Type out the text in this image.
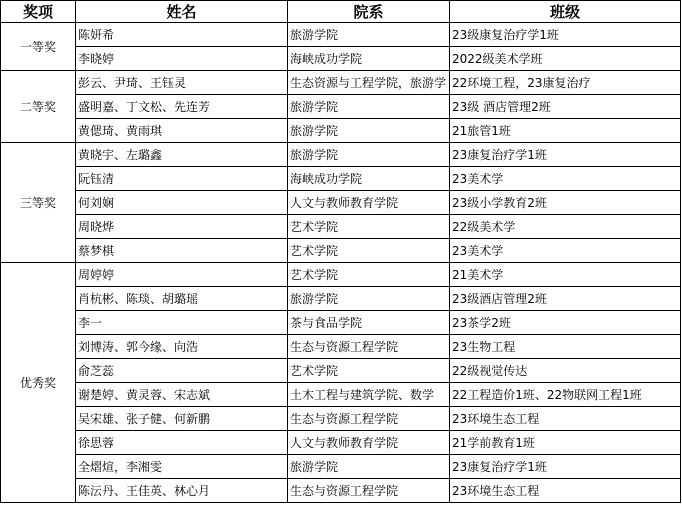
奖项	姓名	院系	班级
一等奖	陈妍希	旅游学院	23级康复治疗学1班
	李晓婷	海峡成功学院	2022级美术学班
二等奖	彭云、尹琦、王钰灵	生态资源与工程学院，旅游学	22环境工程，23康复治疗
	盛明嘉、丁文松、先连芳	旅游学院	23级 酒店管理2班
	黄偲琦、黄雨琪	旅游学院	21旅管1班
三等奖	黄晓宇、左璐鑫	旅游学院	23康复治疗学1班
	阮钰清	海峡成功学院	23美术学
	何刘娴	人文与教师教育学院	23级小学教育2班
	周晓烨	艺术学院	22级美术学
	蔡梦棋	艺术学院	23美术学
优秀奖	周婷婷	艺术学院	21美术学
	肖杭彬、陈琰、胡璐瑶	旅游学院	23级酒店管理2班
	李一	茶与食品学院	23茶学2班
	刘博涛、郭今缘、向浩	生态与资源工程学院	23生物工程
	俞芝蕊	艺术学院	22级视觉传达
	谢楚婷、黄灵蓉、宋志斌	土木工程与建筑学院、数学	22工程造价1班、22物联网工程1班
	吴宋雄、张子健、何新鹏	生态与资源工程学院	23环境生态工程
	徐思蓉	人文与教师教育学院	21学前教育1班
	全熠煊，李湘雯	旅游学院	23康复治疗学1班
	陈沄丹、王佳英、林心月	生态与资源工程学院	23环境生态工程
